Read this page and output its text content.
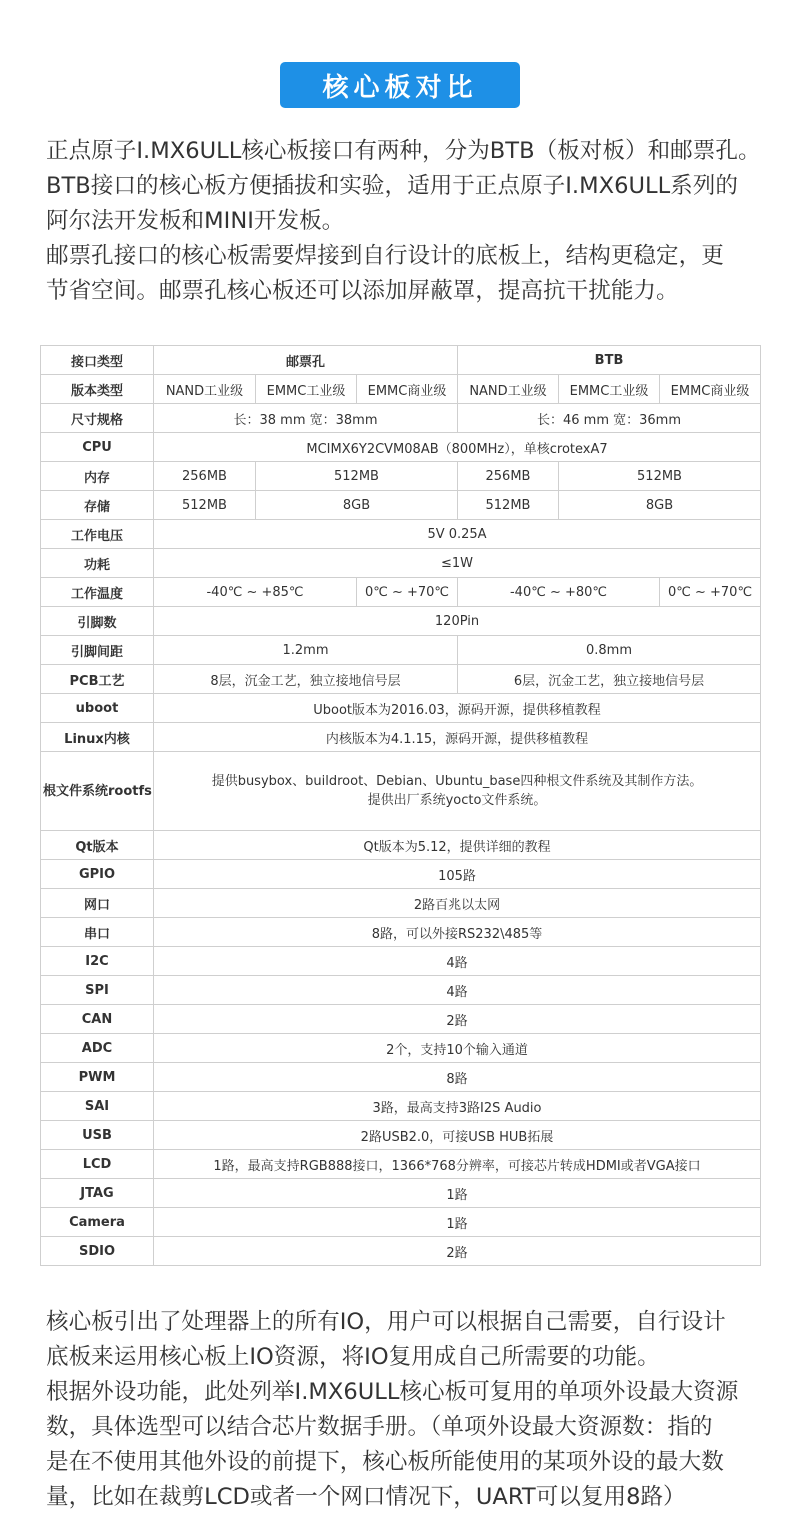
核心板对比

正点原子I.MX6ULL核心板接口有两种，分为BTB（板对板）和邮票孔。

BTB接口的核心板方便插拔和实验，适用于正点原子I.MX6ULL系列的

阿尔法开发板和MINI开发板。

邮票孔接口的核心板需要焊接到自行设计的底板上，结构更稳定，更

节省空间。邮票孔核心板还可以添加屏蔽罩，提高抗干扰能力。

接口类型	邮票孔			BTB		
版本类型	NAND工业级	EMMC工业级	EMMC商业级	NAND工业级	EMMC工业级	EMMC商业级
尺寸规格	长：38 mm 宽：38mm			长：46 mm 宽：36mm		
CPU	MCIMX6Y2CVM08AB（800MHz），单核crotexA7					
内存	256MB	512MB		256MB	512MB	
存储	512MB	8GB		512MB	8GB	
工作电压	5V 0.25A					
功耗	≤1W					
工作温度	-40℃ ~ +85℃		0℃ ~ +70℃	-40℃ ~ +80℃		0℃ ~ +70℃
引脚数	120Pin					
引脚间距	1.2mm			0.8mm		
PCB工艺	8层，沉金工艺，独立接地信号层			6层，沉金工艺，独立接地信号层		
uboot	Uboot版本为2016.03，源码开源，提供移植教程					
Linux内核	内核版本为4.1.15，源码开源，提供移植教程					
根文件系统rootfs	提供busybox、buildroot、Debian、Ubuntu_base四种根文件系统及其制作方法。
提供出厂系统yocto文件系统。					
Qt版本	Qt版本为5.12，提供详细的教程					
GPIO	105路					
网口	2路百兆以太网					
串口	8路，可以外接RS232\485等					
I2C	4路					
SPI	4路					
CAN	2路					
ADC	2个，支持10个输入通道					
PWM	8路					
SAI	3路，最高支持3路I2S Audio					
USB	2路USB2.0，可接USB HUB拓展					
LCD	1路，最高支持RGB888接口，1366*768分辨率，可接芯片转成HDMI或者VGA接口					
JTAG	1路					
Camera	1路					
SDIO	2路					

核心板引出了处理器上的所有IO，用户可以根据自己需要，自行设计

底板来运用核心板上IO资源，将IO复用成自己所需要的功能。

根据外设功能，此处列举I.MX6ULL核心板可复用的单项外设最大资源

数，具体选型可以结合芯片数据手册。（单项外设最大资源数：指的

是在不使用其他外设的前提下，核心板所能使用的某项外设的最大数

量，比如在裁剪LCD或者一个网口情况下，UART可以复用8路）
